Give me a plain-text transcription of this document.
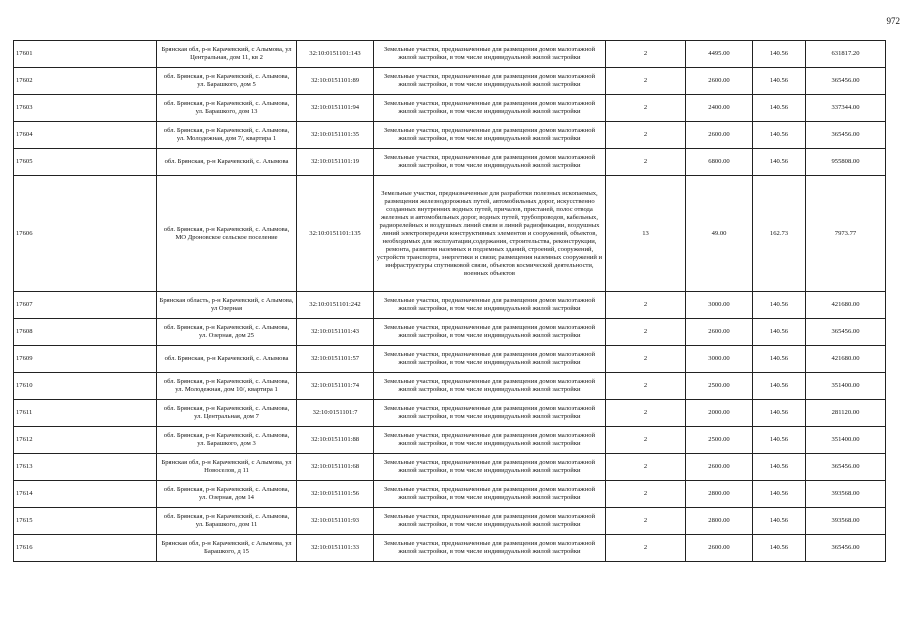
972
17601	Брянская обл, р-н Карачевский, с Алымова, ул Центральная, дом 11, кв 2	32:10:0151101:143	Земельные участки, предназначенные для размещения домов малоэтажной жилой застройки, в том числе индивидуальной жилой застройки	2	4495.00	140.56	631817.20
17602	обл. Брянская, р-н Карачевский, с. Алымова, ул. Барашкого, дом 5	32:10:0151101:89	Земельные участки, предназначенные для размещения домов малоэтажной жилой застройки, в том числе индивидуальной жилой застройки	2	2600.00	140.56	365456.00
17603	обл. Брянская, р-н Карачевский, с. Алымова, ул. Барашкого, дом 13	32:10:0151101:94	Земельные участки, предназначенные для размещения домов малоэтажной жилой застройки, в том числе индивидуальной жилой застройки	2	2400.00	140.56	337344.00
17604	обл. Брянская, р-н Карачевский, с. Алымова, ул. Молодежная, дом 7/, квартира 1	32:10:0151101:35	Земельные участки, предназначенные для размещения домов малоэтажной жилой застройки, в том числе индивидуальной жилой застройки	2	2600.00	140.56	365456.00
17605	обл. Брянская, р-н Карачевский, с. Алымова	32:10:0151101:19	Земельные участки, предназначенные для размещения домов малоэтажной жилой застройки, в том числе индивидуальной жилой застройки	2	6800.00	140.56	955808.00
17606	обл. Брянская, р-н Карачевский, с. Алымова, МО Дроновское сельское поселение	32:10:0151101:135	Земельные участки, предназначенные для разработки полезных ископаемых, размещения железнодорожных путей, автомобильных дорог, искусственно созданных внутренних водных путей, причалов, пристаней, полос отвода железных и автомобильных дорог, водных путей, трубопроводов, кабельных, радиорелейных и воздушных линий связи и линий радиофикации, воздушных линий электропередачи конструктивных элементов и сооружений, объектов, необходимых для эксплуатации,содержания, строительства, реконструкции, ремонта, развития наземных и подземных зданий, строений, сооружений, устройств транспорта, энергетики и связи; размещения наземных сооружений и инфраструктуры спутниковой связи, объектов космической деятельности, военных объектов	13	49.00	162.73	7973.77
17607	Брянская область, р-н Карачевский, с Алымова, ул Озерная	32:10:0151101:242	Земельные участки, предназначенные для размещения домов малоэтажной жилой застройки, в том числе индивидуальной жилой застройки	2	3000.00	140.56	421680.00
17608	обл. Брянская, р-н Карачевский, с. Алымова, ул. Озерная, дом 25	32:10:0151101:43	Земельные участки, предназначенные для размещения домов малоэтажной жилой застройки, в том числе индивидуальной жилой застройки	2	2600.00	140.56	365456.00
17609	обл. Брянская, р-н Карачевский, с. Алымова	32:10:0151101:57	Земельные участки, предназначенные для размещения домов малоэтажной жилой застройки, в том числе индивидуальной жилой застройки	2	3000.00	140.56	421680.00
17610	обл. Брянская, р-н Карачевский, с. Алымова, ул. Молодежная, дом 10/, квартира 1	32:10:0151101:74	Земельные участки, предназначенные для размещения домов малоэтажной жилой застройки, в том числе индивидуальной жилой застройки	2	2500.00	140.56	351400.00
17611	обл. Брянская, р-н Карачевский, с. Алымова, ул. Центральная, дом 7	32:10:0151101:7	Земельные участки, предназначенные для размещения домов малоэтажной жилой застройки, в том числе индивидуальной жилой застройки	2	2000.00	140.56	281120.00
17612	обл. Брянская, р-н Карачевский, с. Алымова, ул. Барашкого, дом 3	32:10:0151101:88	Земельные участки, предназначенные для размещения домов малоэтажной жилой застройки, в том числе индивидуальной жилой застройки	2	2500.00	140.56	351400.00
17613	Брянская обл, р-н Карачевский, с Алымова, ул Новоселов, д 11	32:10:0151101:68	Земельные участки, предназначенные для размещения домов малоэтажной жилой застройки, в том числе индивидуальной жилой застройки	2	2600.00	140.56	365456.00
17614	обл. Брянская, р-н Карачевский, с. Алымова, ул. Озерная, дом 14	32:10:0151101:56	Земельные участки, предназначенные для размещения домов малоэтажной жилой застройки, в том числе индивидуальной жилой застройки	2	2800.00	140.56	393568.00
17615	обл. Брянская, р-н Карачевский, с. Алымова, ул. Барашкого, дом 11	32:10:0151101:93	Земельные участки, предназначенные для размещения домов малоэтажной жилой застройки, в том числе индивидуальной жилой застройки	2	2800.00	140.56	393568.00
17616	Брянская обл, р-н Карачевский, с Алымова, ул Барашкого, д 15	32:10:0151101:33	Земельные участки, предназначенные для размещения домов малоэтажной жилой застройки, в том числе индивидуальной жилой застройки	2	2600.00	140.56	365456.00
